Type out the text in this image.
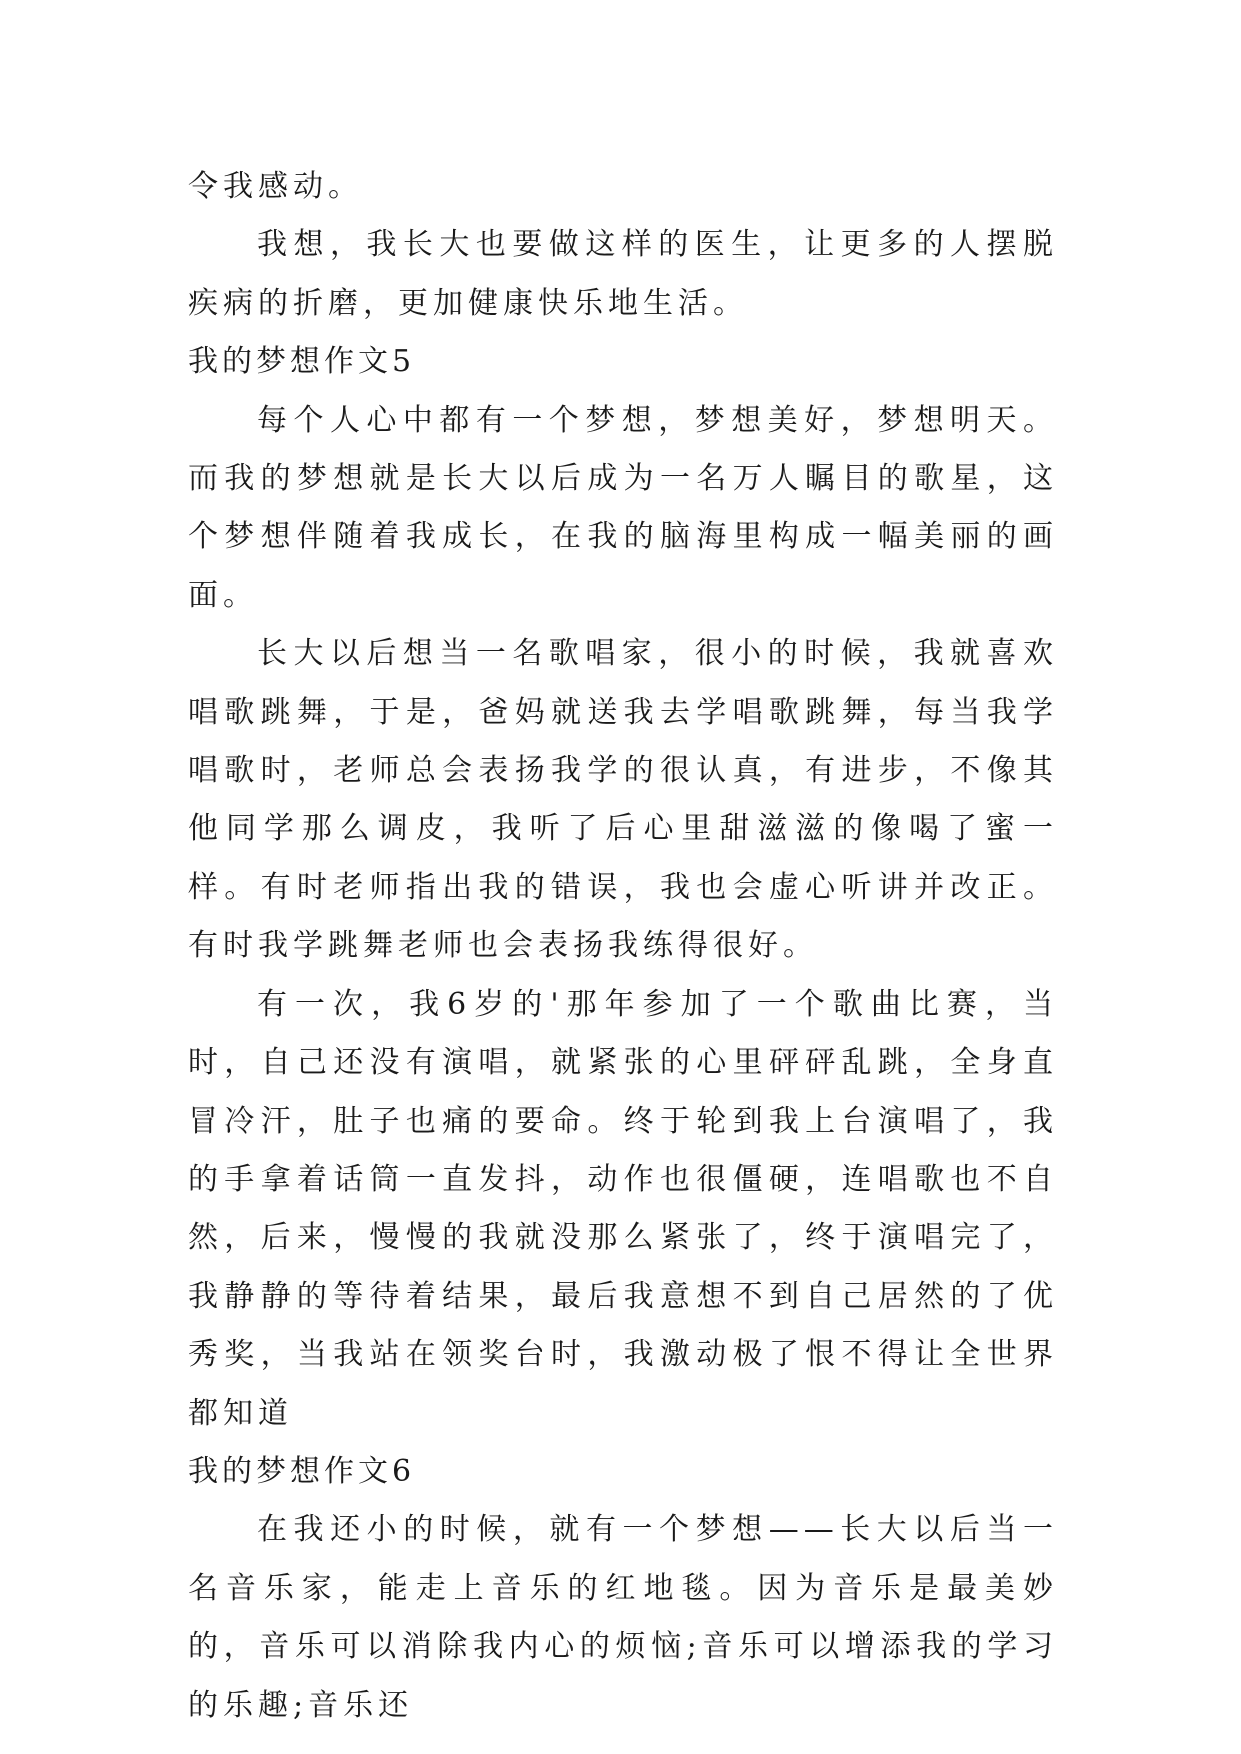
令我感动。

我想，我长大也要做这样的医生，让更多的人摆脱疾病的折磨，更加健康快乐地生活。

我的梦想作文5

每个人心中都有一个梦想，梦想美好，梦想明天。而我的梦想就是长大以后成为一名万人瞩目的歌星，这个梦想伴随着我成长，在我的脑海里构成一幅美丽的画面。

长大以后想当一名歌唱家，很小的时候，我就喜欢唱歌跳舞，于是，爸妈就送我去学唱歌跳舞，每当我学唱歌时，老师总会表扬我学的很认真，有进步，不像其他同学那么调皮，我听了后心里甜滋滋的像喝了蜜一样。有时老师指出我的错误，我也会虚心听讲并改正。有时我学跳舞老师也会表扬我练得很好。

有一次，我6岁的'那年参加了一个歌曲比赛，当时，自己还没有演唱，就紧张的心里砰砰乱跳，全身直冒冷汗，肚子也痛的要命。终于轮到我上台演唱了，我的手拿着话筒一直发抖，动作也很僵硬，连唱歌也不自然，后来，慢慢的我就没那么紧张了，终于演唱完了，我静静的等待着结果，最后我意想不到自己居然的了优秀奖，当我站在领奖台时，我激动极了恨不得让全世界都知道

我的梦想作文6

在我还小的时候，就有一个梦想——长大以后当一名音乐家，能走上音乐的红地毯。因为音乐是最美妙的，音乐可以消除我内心的烦恼;音乐可以增添我的学习的乐趣;音乐还
